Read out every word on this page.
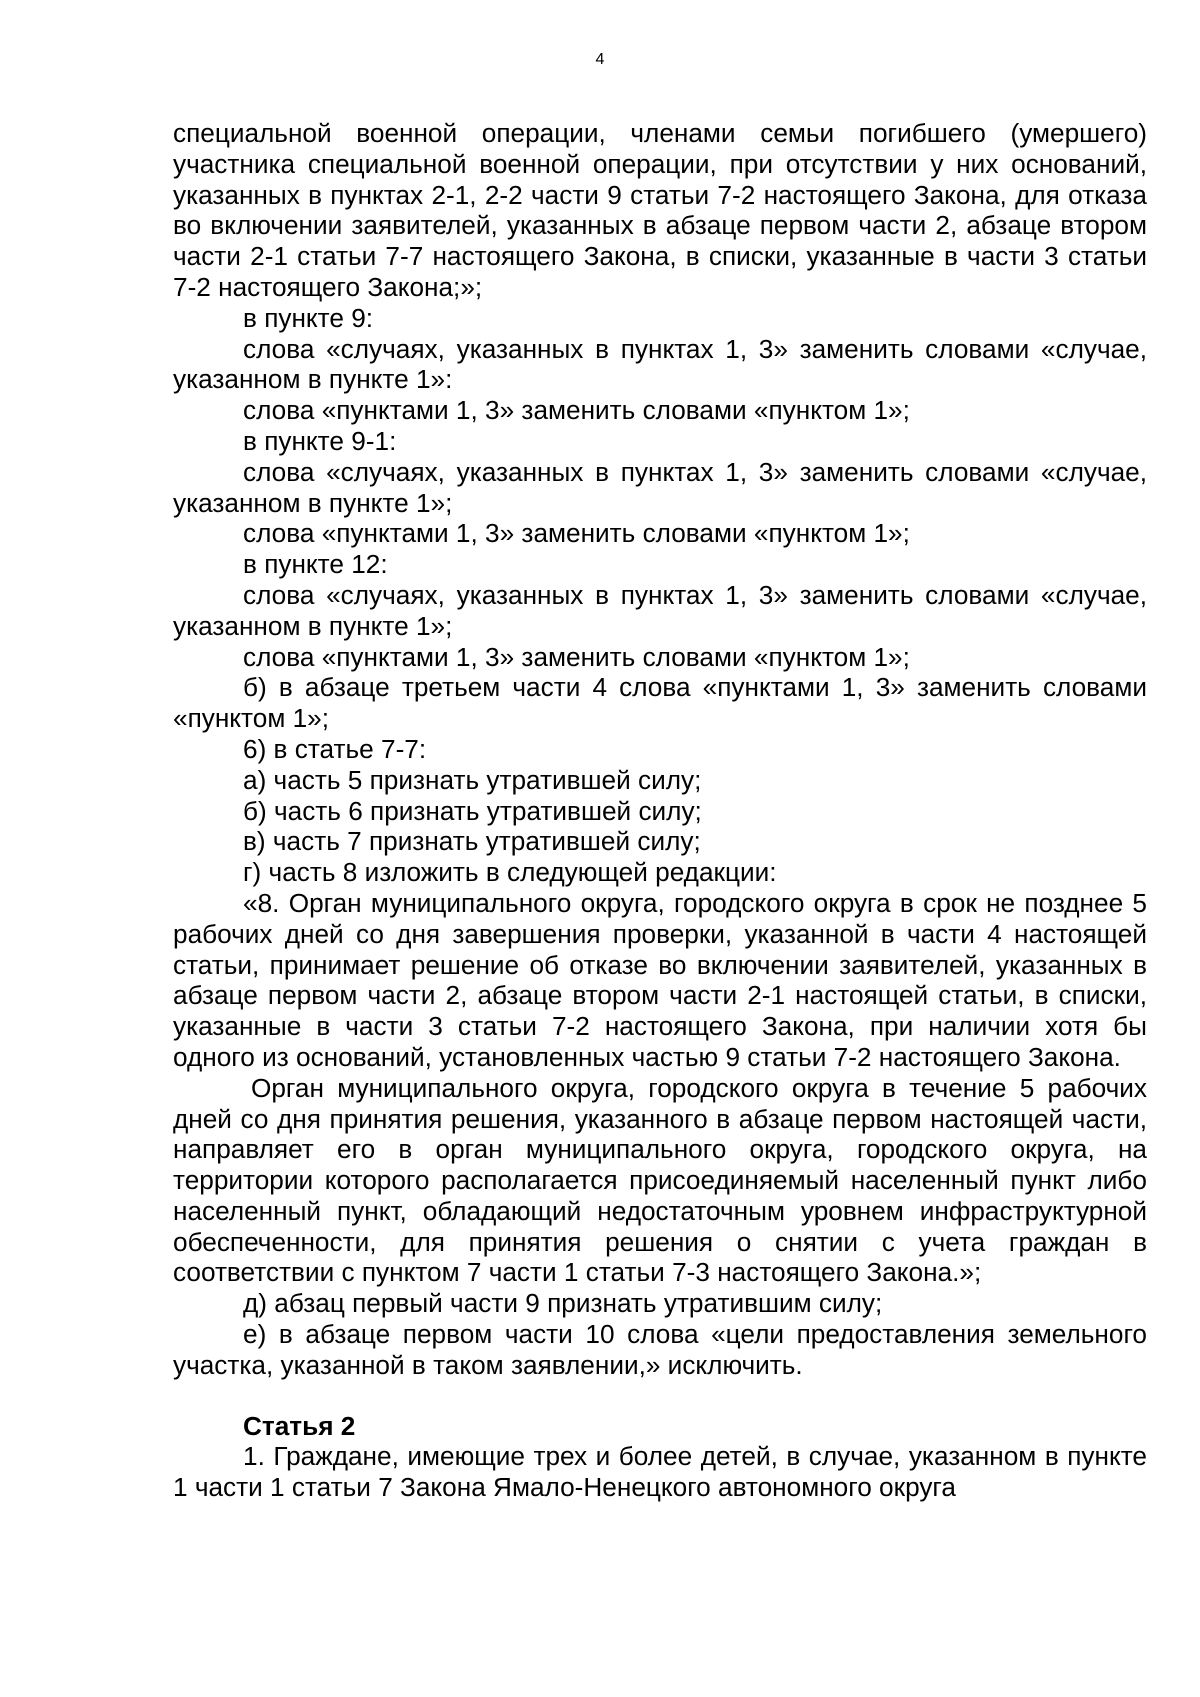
4

специальной военной операции, членами семьи погибшего (умершего) участника специальной военной операции, при отсутствии у них оснований, указанных в пунктах 2-1, 2-2 части 9 статьи 7-2 настоящего Закона, для отказа во включении заявителей, указанных в абзаце первом части 2, абзаце втором части 2-1 статьи 7-7 настоящего Закона, в списки, указанные в части 3 статьи 7-2 настоящего Закона;»;

в пункте 9:

слова «случаях, указанных в пунктах 1, 3» заменить словами «случае, указанном в пункте 1»:

слова «пунктами 1, 3» заменить словами «пунктом 1»;

в пункте 9-1:

слова «случаях, указанных в пунктах 1, 3» заменить словами «случае, указанном в пункте 1»;

слова «пунктами 1, 3» заменить словами «пунктом 1»;

в пункте 12:

слова «случаях, указанных в пунктах 1, 3» заменить словами «случае, указанном в пункте 1»;

слова «пунктами 1, 3» заменить словами «пунктом 1»;

б) в абзаце третьем части 4 слова «пунктами 1, 3» заменить словами «пунктом 1»;

6) в статье 7-7:

а) часть 5 признать утратившей силу;

б) часть 6 признать утратившей силу;

в) часть 7 признать утратившей силу;

г) часть 8 изложить в следующей редакции:

«8. Орган муниципального округа, городского округа в срок не позднее 5 рабочих дней со дня завершения проверки, указанной в части 4 настоящей статьи, принимает решение об отказе во включении заявителей, указанных в абзаце первом части 2, абзаце втором части 2-1 настоящей статьи, в списки, указанные в части 3 статьи 7-2 настоящего Закона, при наличии хотя бы одного из оснований, установленных частью 9 статьи 7-2 настоящего Закона.

Орган муниципального округа, городского округа в течение 5 рабочих дней со дня принятия решения, указанного в абзаце первом настоящей части, направляет его в орган муниципального округа, городского округа, на территории которого располагается присоединяемый населенный пункт либо населенный пункт, обладающий недостаточным уровнем инфраструктурной обеспеченности, для принятия решения о снятии с учета граждан в соответствии с пунктом 7 части 1 статьи 7-3 настоящего Закона.»;

д) абзац первый части 9 признать утратившим силу;

е) в абзаце первом части 10 слова «цели предоставления земельного участка, указанной в таком заявлении,» исключить.

Статья 2

1. Граждане, имеющие трех и более детей, в случае, указанном в пункте 1 части 1 статьи 7 Закона Ямало-Ненецкого автономного округа
